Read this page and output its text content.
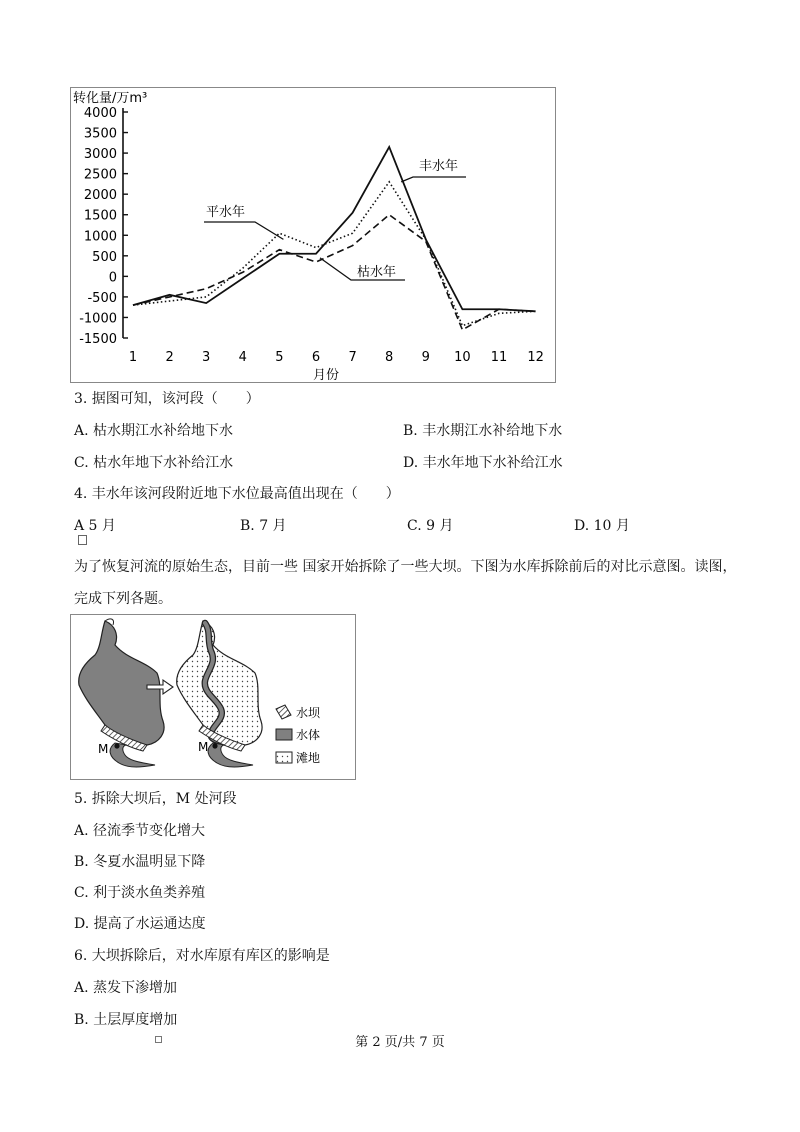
转化量/万m³
月份
4000
3500
3000
2500
2000
1500
1000
500
0
-500
-1000
-1500
1 2 3 4 5 6 7 8 9 10 11 12
丰水年
平水年
枯水年
3. 据图可知，该河段（　　）
A. 枯水期江水补给地下水	B. 丰水期江水补给地下水
C. 枯水年地下水补给江水	D. 丰水年地下水补给江水
4. 丰水年该河段附近地下水位最高值出现在（　　）
A 5 月	B. 7 月	C. 9 月	D. 10 月
为了恢复河流的原始生态，目前一些 国家开始拆除了一些大坝。下图为水库拆除前后的对比示意图。读图，
完成下列各题。
M	M
水坝
水体
滩地
5. 拆除大坝后，M 处河段
A. 径流季节变化增大
B. 冬夏水温明显下降
C. 利于淡水鱼类养殖
D. 提高了水运通达度
6. 大坝拆除后，对水库原有库区的影响是
A. 蒸发下渗增加
B. 土层厚度增加
第 2 页/共 7 页
